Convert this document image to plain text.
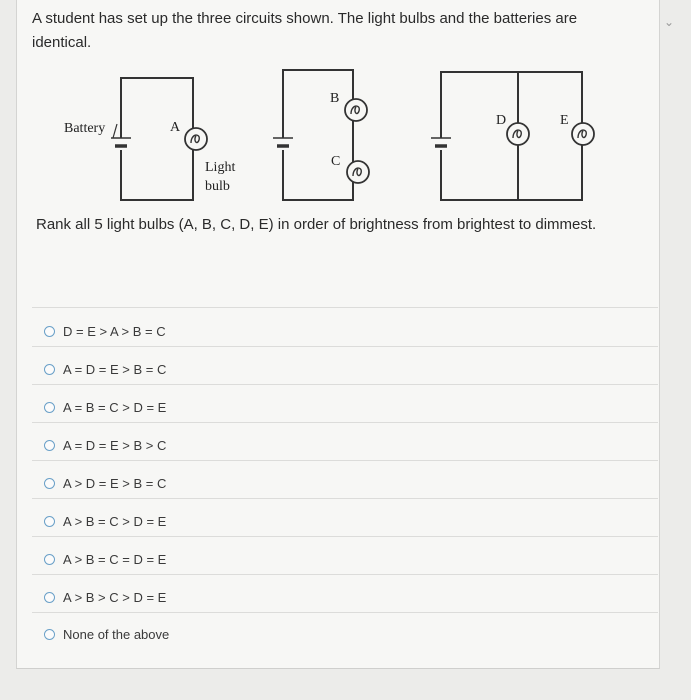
A student has set up the three circuits shown. The light bulbs and the batteries are identical.
⌄
Battery
Light
bulb
A
B
C
D	E
Rank all 5 light bulbs (A, B, C, D, E) in order of brightness from brightest to dimmest.
D = E > A > B = C
A = D = E > B = C
A = B = C > D = E
A = D = E > B > C
A > D = E > B = C
A > B = C > D = E
A > B = C = D = E
A > B > C > D = E
None of the above
